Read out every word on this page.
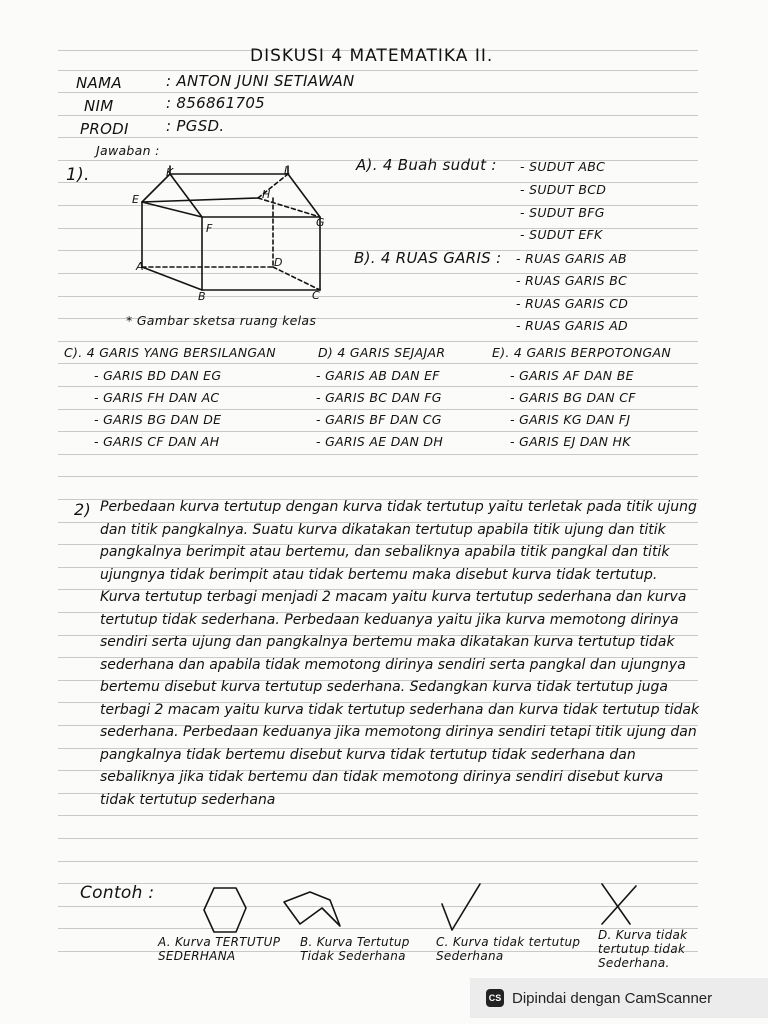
DISKUSI 4 MATEMATIKA II.
NAMA	: ANTON JUNI SETIAWAN
NIM	: 856861705
PRODI : PGSD.
Jawaban :
1).	K	L
E	H
F	G
A	D
B	C
* Gambar sketsa ruang kelas
A). 4 Buah sudut : - SUDUT ABC
- SUDUT BCD
- SUDUT BFG
- SUDUT EFK
B). 4 RUAS GARIS : - RUAS GARIS AB
- RUAS GARIS BC
- RUAS GARIS CD
- RUAS GARIS AD
C). 4 GARIS YANG BERSILANGAN
- GARIS BD DAN EG
- GARIS FH DAN AC
- GARIS BG DAN DE
- GARIS CF DAN AH
D) 4 GARIS SEJAJAR
- GARIS AB DAN EF
- GARIS BC DAN FG
- GARIS BF DAN CG
- GARIS AE DAN DH
E). 4 GARIS BERPOTONGAN
- GARIS AF DAN BE
- GARIS BG DAN CF
- GARIS KG DAN FJ
- GARIS EJ DAN HK
2) Perbedaan kurva tertutup dengan kurva tidak tertutup yaitu terletak pada titik ujung dan titik pangkalnya. Suatu kurva dikatakan tertutup apabila titik ujung dan titik pangkalnya berimpit atau bertemu, dan sebaliknya apabila titik pangkal dan titik ujungnya tidak berimpit atau tidak bertemu maka disebut kurva tidak tertutup. Kurva tertutup terbagi menjadi 2 macam yaitu kurva tertutup sederhana dan kurva tertutup tidak sederhana. Perbedaan keduanya yaitu jika kurva memotong dirinya sendiri serta ujung dan pangkalnya bertemu maka dikatakan kurva tertutup tidak sederhana dan apabila tidak memotong dirinya sendiri serta pangkal dan ujungnya bertemu disebut kurva tertutup sederhana. Sedangkan kurva tidak tertutup juga terbagi 2 macam yaitu kurva tidak tertutup sederhana dan kurva tidak tertutup tidak sederhana. Perbedaan keduanya jika memotong dirinya sendiri tetapi titik ujung dan pangkalnya tidak bertemu disebut kurva tidak tertutup tidak sederhana dan sebaliknya jika tidak bertemu dan tidak memotong dirinya sendiri disebut kurva tidak tertutup sederhana
Contoh :
A. Kurva TERTUTUP SEDERHANA
B. Kurva Tertutup Tidak Sederhana
C. Kurva tidak tertutup Sederhana
D. Kurva tidak tertutup tidak Sederhana.
CS Dipindai dengan CamScanner
